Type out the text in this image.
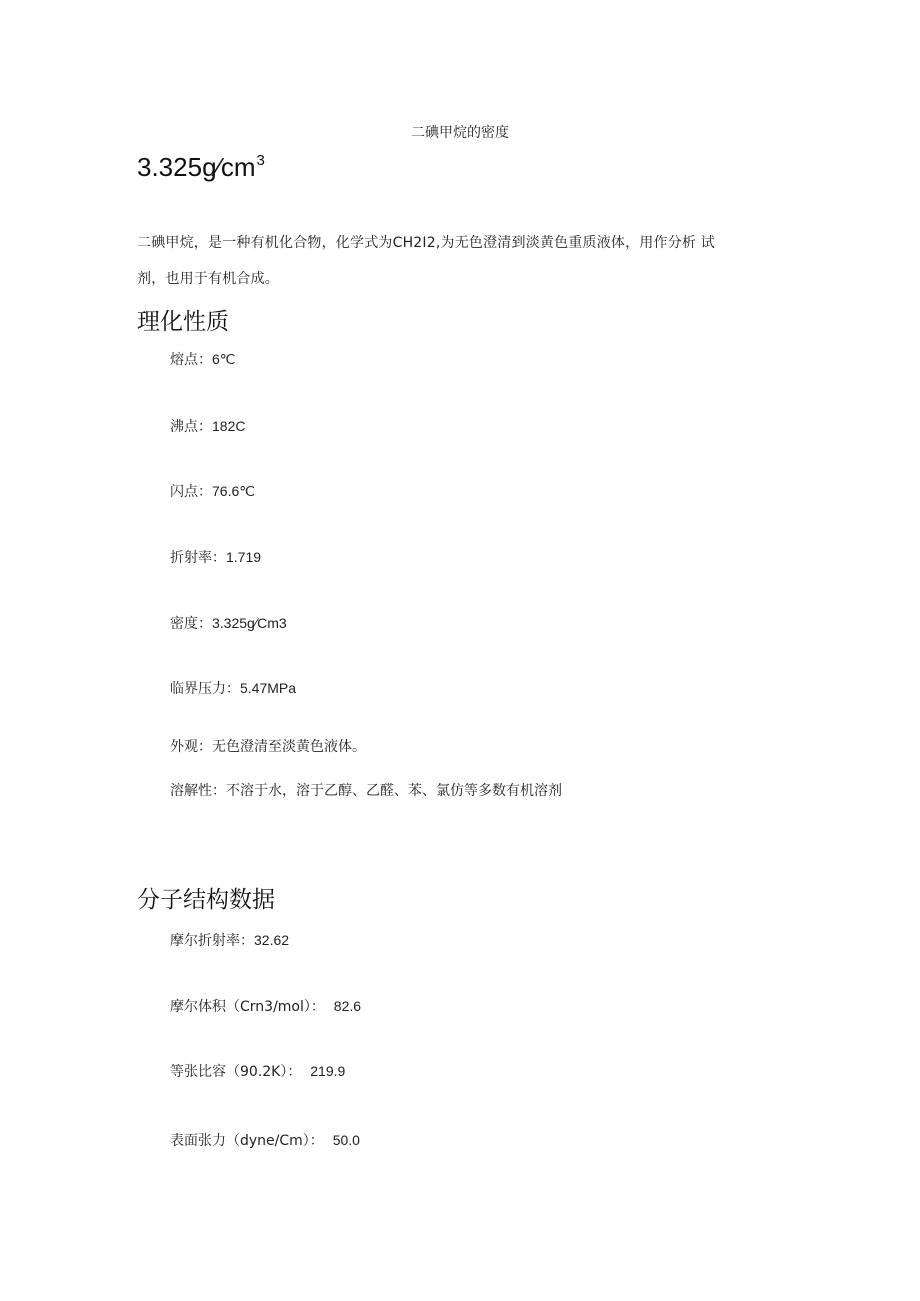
二碘甲烷的密度
$3.325g∕cm^3$
二碘甲烷，是一种有机化合物，化学式为CH2I2,为无色澄清到淡黄色重质液体，用作分析 试
剂，也用于有机合成。
理化性质
熔点：6℃
沸点：182C
闪点：76.6℃
折射率：1.719
密度：3.325g∕Cm3
临界压力：5.47MPa
外观：无色澄清至淡黄色液体。
溶解性：不溶于水，溶于乙醇、乙醛、苯、氯仿等多数有机溶剂
分子结构数据
摩尔折射率：32.62
摩尔体积（Crn3/mol）：  82.6
等张比容（90.2K）：  219.9
表面张力（dyne/Cm）：  50.0
